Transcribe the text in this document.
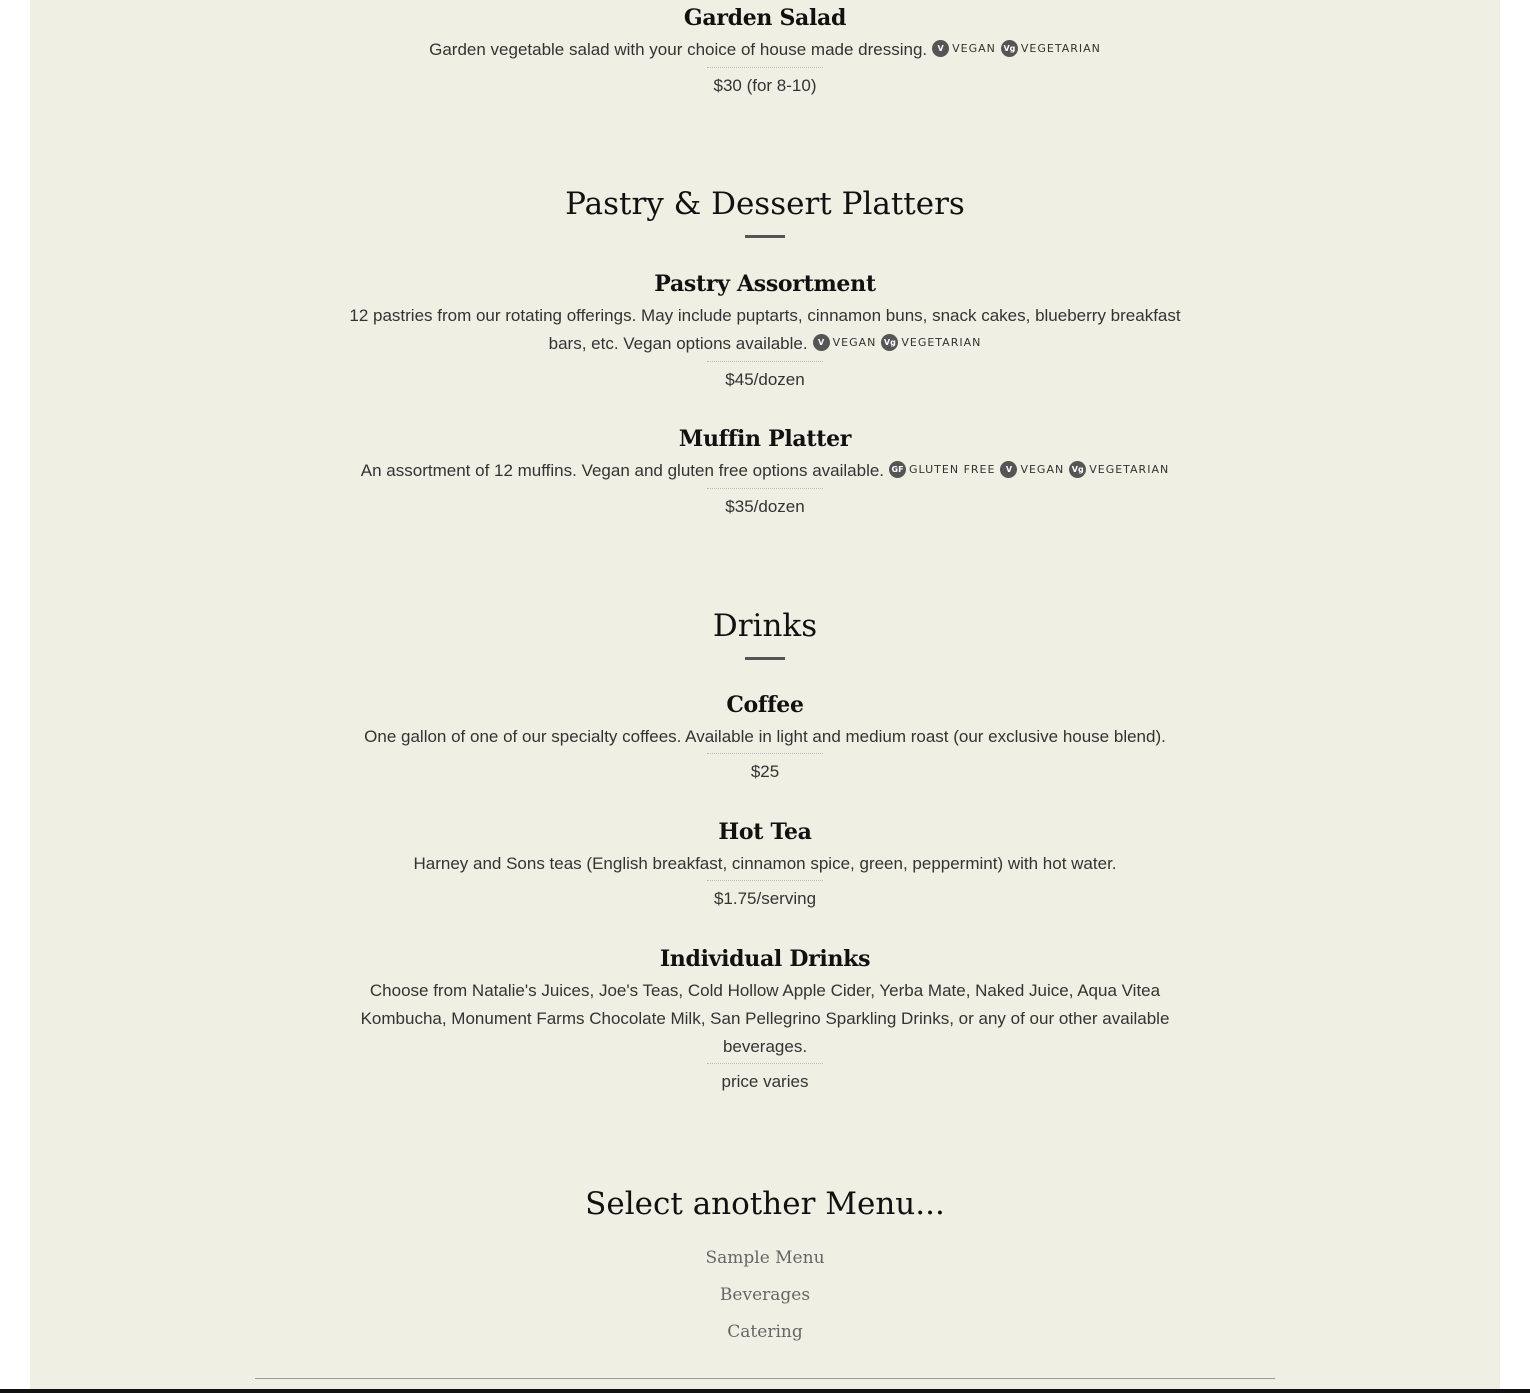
Garden Salad
Garden vegetable salad with your choice of house made dressing. V VEGAN Vg VEGETARIAN
$30 (for 8-10)
Pastry & Dessert Platters
Pastry Assortment
12 pastries from our rotating offerings. May include puptarts, cinnamon buns, snack cakes, blueberry breakfast bars, etc. Vegan options available. V VEGAN Vg VEGETARIAN
$45/dozen
Muffin Platter
An assortment of 12 muffins. Vegan and gluten free options available. GF GLUTEN FREE V VEGAN Vg VEGETARIAN
$35/dozen
Drinks
Coffee
One gallon of one of our specialty coffees. Available in light and medium roast (our exclusive house blend).
$25
Hot Tea
Harney and Sons teas (English breakfast, cinnamon spice, green, peppermint) with hot water.
$1.75/serving
Individual Drinks
Choose from Natalie's Juices, Joe's Teas, Cold Hollow Apple Cider, Yerba Mate, Naked Juice, Aqua Vitea Kombucha, Monument Farms Chocolate Milk, San Pellegrino Sparkling Drinks, or any of our other available beverages.
price varies
Select another Menu...
Sample Menu
Beverages
Catering
